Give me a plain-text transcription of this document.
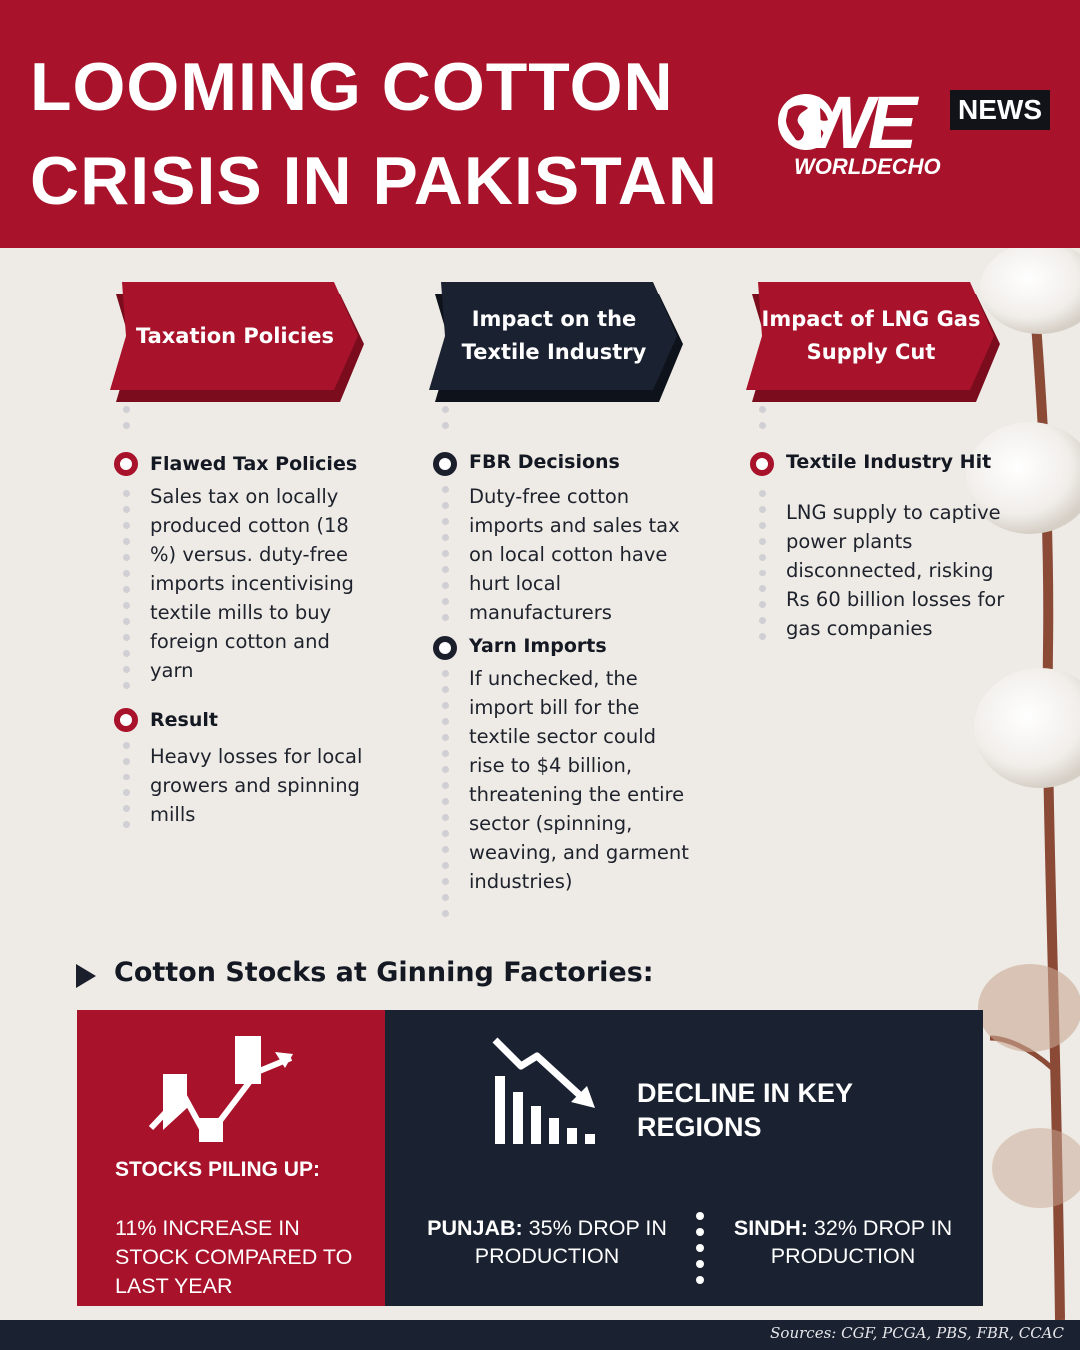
LOOMING COTTON
CRISIS IN PAKISTAN
WE NEWS
WORLDECHO
Taxation Policies
Flawed Tax Policies
Sales tax on locally produced cotton (18 %) versus. duty-free imports incentivising textile mills to buy foreign cotton and yarn
Result
Heavy losses for local growers and spinning mills
Impact on the Textile Industry
FBR Decisions
Duty-free cotton imports and sales tax on local cotton have hurt local manufacturers
Yarn Imports
If unchecked, the import bill for the textile sector could rise to $4 billion, threatening the entire sector (spinning, weaving, and garment industries)
Impact of LNG Gas Supply Cut
Textile Industry Hit
LNG supply to captive power plants disconnected, risking Rs 60 billion losses for gas companies
Cotton Stocks at Ginning Factories:
STOCKS PILING UP:
11% INCREASE IN STOCK COMPARED TO LAST YEAR
DECLINE IN KEY
REGIONS
PUNJAB: 35% DROP IN PRODUCTION
SINDH: 32% DROP IN PRODUCTION
Sources: CGF, PCGA, PBS, FBR, CCAC
